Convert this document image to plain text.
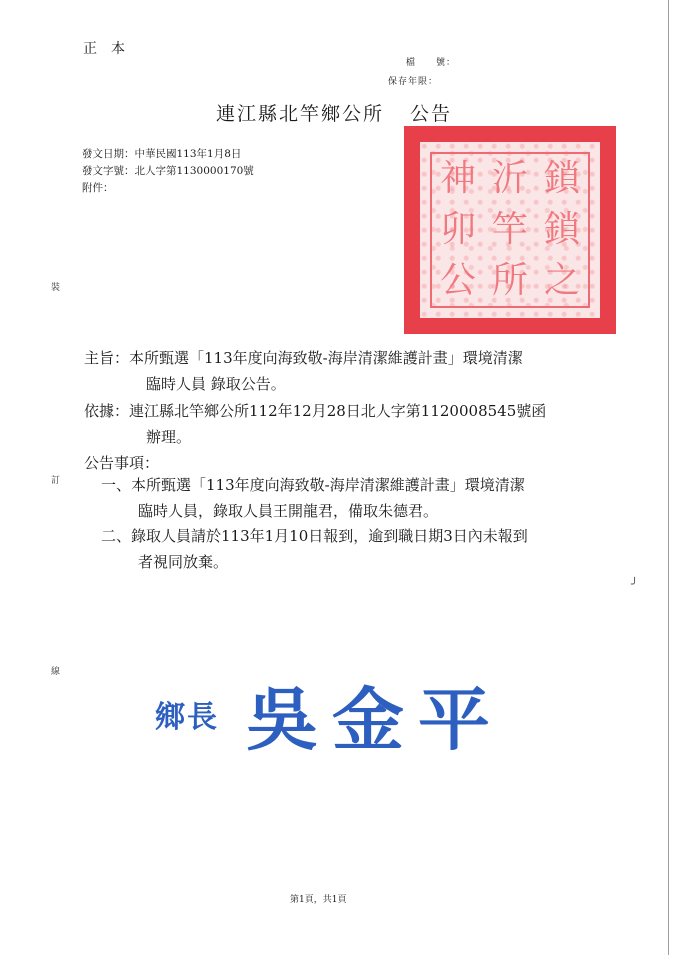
正本
檔　　號：
保存年限：
連江縣北竿鄉公所 公告
發文日期：中華民國113年1月8日
發文字號：北人字第1130000170號
附件：	神 沂 鎖
卯 竿 鎖
公 所 之
裝
訂
線
╯
主旨：本所甄選「113年度向海致敬-海岸清潔維護計畫」環境清潔
臨時人員 錄取公告。
依據：連江縣北竿鄉公所112年12月28日北人字第1120008545號函
辦理。
公告事項：
一、本所甄選「113年度向海致敬-海岸清潔維護計畫」環境清潔
臨時人員，錄取人員王開龍君，備取朱德君。
二、錄取人員請於113年1月10日報到，逾到職日期3日內未報到
者視同放棄。
鄉長 吳金平
第1頁，共1頁
